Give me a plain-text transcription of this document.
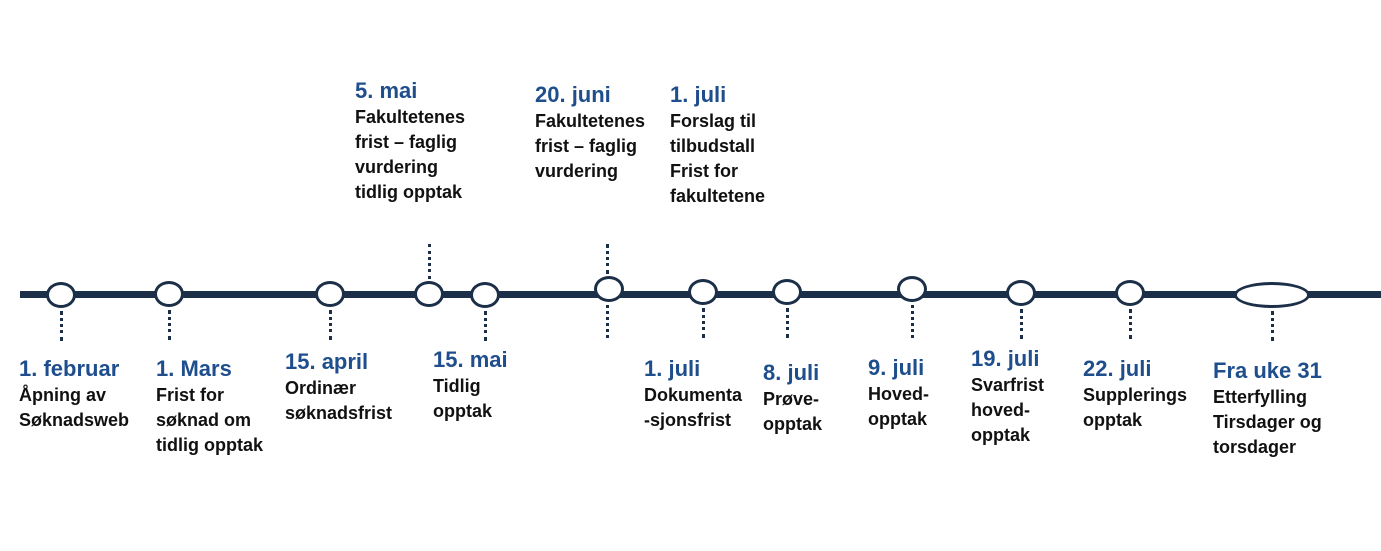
5. mai
Fakultetenes
frist – faglig
vurdering
tidlig opptak
20. juni
Fakultetenes
frist – faglig
vurdering
1. juli
Forslag til
tilbudstall
Frist for
fakultetene
1. februar
Åpning av
Søknadsweb
1. Mars
Frist for
søknad om
tidlig opptak
15. april
Ordinær
søknadsfrist
15. mai
Tidlig
opptak
1. juli
Dokumenta
-sjonsfrist
8. juli
Prøve-
opptak
9. juli
Hoved-
opptak
19. juli
Svarfrist
hoved-
opptak
22. juli
Supplerings
opptak
Fra uke 31
Etterfylling
Tirsdager og
torsdager
